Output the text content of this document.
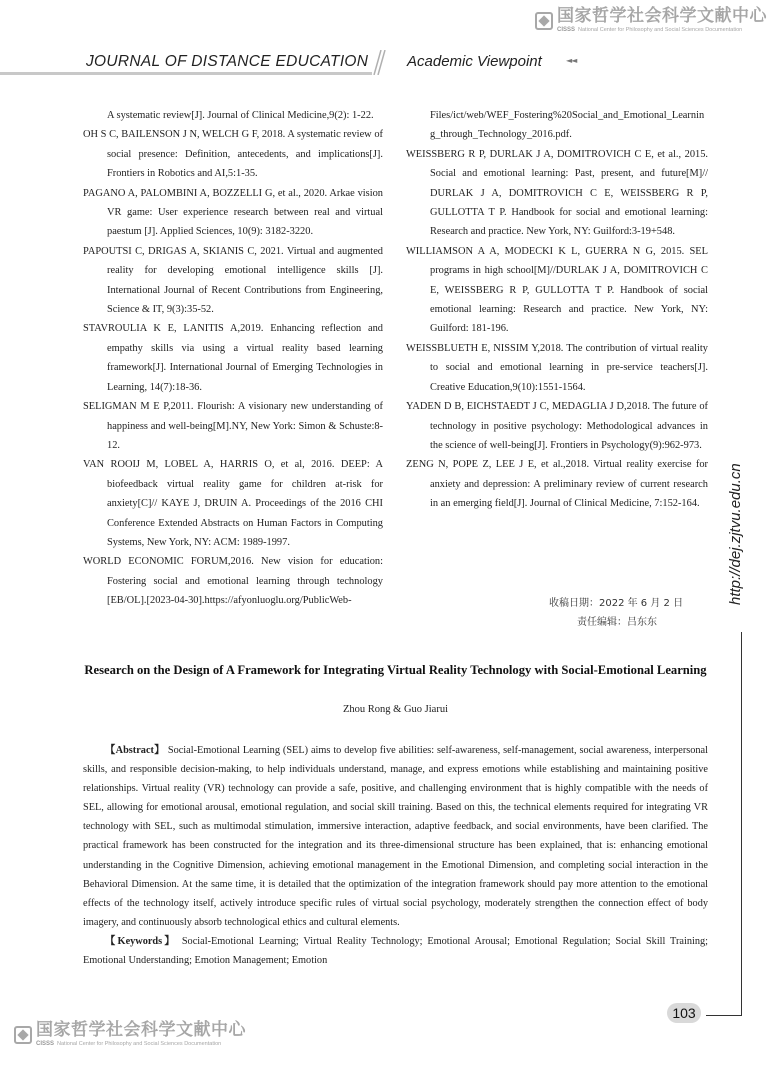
国家哲学社会科学文献中心
CISSS National Center for Philosophy and Social Sciences Documentation
JOURNAL OF DISTANCE EDUCATION	Academic Viewpoint	◄◄

A systematic review[J]. Journal of Clinical Medicine,9(2): 1-22.

OH S C, BAILENSON J N, WELCH G F, 2018. A systematic review of social presence: Definition, antecedents, and implications[J]. Frontiers in Robotics and AI,5:1-35.

PAGANO A, PALOMBINI A, BOZZELLI G, et al., 2020. Arkae vision VR game: User experience research between real and virtual paestum [J]. Applied Sciences, 10(9): 3182-3220.

PAPOUTSI C, DRIGAS A, SKIANIS C, 2021. Virtual and augmented reality for developing emotional intelligence skills [J]. International Journal of Recent Contributions from Engineering, Science & IT, 9(3):35-52.

STAVROULIA K E, LANITIS A,2019. Enhancing reflection and empathy skills via using a virtual reality based learning framework[J]. International Journal of Emerging Technologies in Learning, 14(7):18-36.

SELIGMAN M E P,2011. Flourish: A visionary new understanding of happiness and well-being[M].NY, New York: Simon & Schuste:8-12.

VAN ROOIJ M, LOBEL A, HARRIS O, et al, 2016. DEEP: A biofeedback virtual reality game for children at-risk for anxiety[C]// KAYE J, DRUIN A. Proceedings of the 2016 CHI Conference Extended Abstracts on Human Factors in Computing Systems, New York, NY: ACM: 1989-1997.

WORLD ECONOMIC FORUM,2016. New vision for education: Fostering social and emotional learning through technology [EB/OL].[2023-04-30].https://afyonluoglu.org/PublicWeb-

Files/ict/web/WEF_Fostering%20Social_and_Emotional_Learning_through_Technology_2016.pdf.

WEISSBERG R P, DURLAK J A, DOMITROVICH C E, et al., 2015. Social and emotional learning: Past, present, and future[M]// DURLAK J A, DOMITROVICH C E, WEISSBERG R P, GULLOTTA T P. Handbook for social and emotional learning: Research and practice. New York, NY: Guilford:3-19+548.

WILLIAMSON A A, MODECKI K L, GUERRA N G, 2015. SEL programs in high school[M]//DURLAK J A, DOMITROVICH C E, WEISSBERG R P, GULLOTTA T P. Handbook of social emotional learning: Research and practice. New York, NY: Guilford: 181-196.

WEISSBLUETH E, NISSIM Y,2018. The contribution of virtual reality to social and emotional learning in pre-service teachers[J]. Creative Education,9(10):1551-1564.

YADEN D B, EICHSTAEDT J C, MEDAGLIA J D,2018. The future of technology in positive psychology: Methodological advances in the science of well-being[J]. Frontiers in Psychology(9):962-973.

ZENG N, POPE Z, LEE J E, et al.,2018. Virtual reality exercise for anxiety and depression: A preliminary review of current research in an emerging field[J]. Journal of Clinical Medicine, 7:152-164.

收稿日期：2022 年 6 月 2 日
责任编辑：吕东东
http://dej.zjtvu.edu.cn
Research on the Design of A Framework for Integrating Virtual Reality Technology with Social-Emotional Learning
Zhou Rong & Guo Jiarui

【Abstract】 Social-Emotional Learning (SEL) aims to develop five abilities: self-awareness, self-management, social awareness, interpersonal skills, and responsible decision-making, to help individuals understand, manage, and express emotions while establishing and maintaining positive relationships. Virtual reality (VR) technology can provide a safe, positive, and challenging environment that is highly compatible with the needs of SEL, allowing for emotional arousal, emotional regulation, and social skill training. Based on this, the technical elements required for integrating VR technology with SEL, such as multimodal stimulation, immersive interaction, adaptive feedback, and social environments, have been clarified. The practical framework has been constructed for the integration and its three-dimensional structure has been explained, that is: enhancing emotional understanding in the Cognitive Dimension, achieving emotional management in the Emotional Dimension, and completing social interaction in the Behavioral Dimension. At the same time, it is detailed that the optimization of the integration framework should pay more attention to the emotional effects of the technology itself, actively introduce specific rules of virtual social psychology, moderately strengthen the connection effect of body imagery, and continuously absorb technological ethics and cultural elements.

【Keywords】 Social-Emotional Learning; Virtual Reality Technology; Emotional Arousal; Emotional Regulation; Social Skill Training; Emotional Understanding; Emotion Management; Emotion

103
国家哲学社会科学文献中心
CISSS National Center for Philosophy and Social Sciences Documentation
